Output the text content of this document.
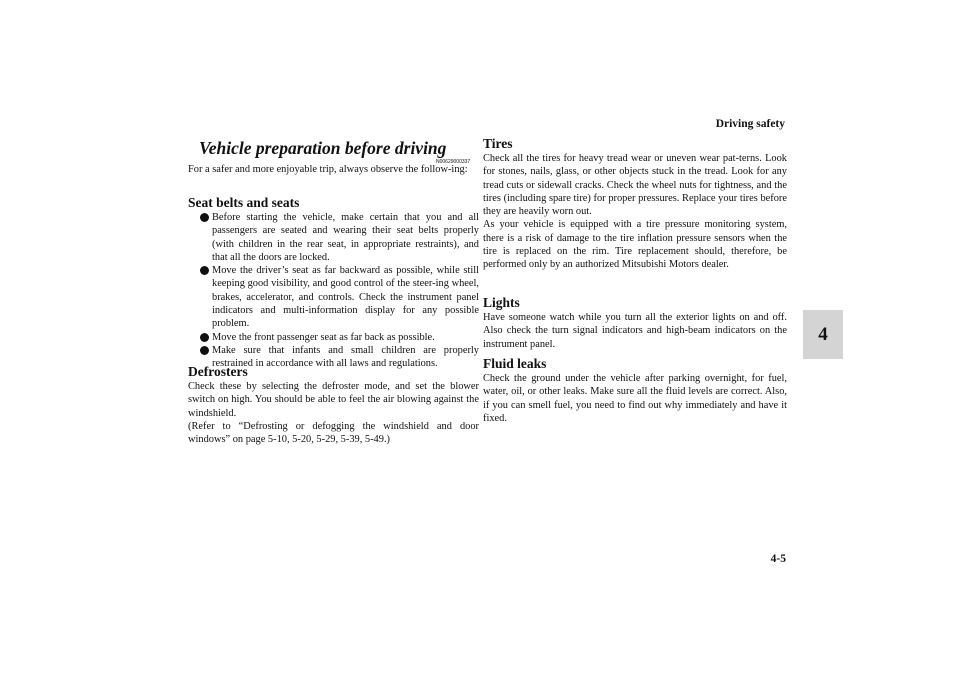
Driving safety
4
4-5
Vehicle preparation before driving
N00629000337
For a safer and more enjoyable trip, always observe the follow-ing:
Seat belts and seats
Before starting the vehicle, make certain that you and all passengers are seated and wearing their seat belts properly (with children in the rear seat, in appropriate restraints), and that all the doors are locked.
Move the driver’s seat as far backward as possible, while still keeping good visibility, and good control of the steer-ing wheel, brakes, accelerator, and controls. Check the instrument panel indicators and multi-information display for any possible problem.
Move the front passenger seat as far back as possible.
Make sure that infants and small children are properly restrained in accordance with all laws and regulations.
Defrosters
Check these by selecting the defroster mode, and set the blower switch on high. You should be able to feel the air blowing against the windshield.
(Refer to “Defrosting or defogging the windshield and door windows” on page 5-10, 5-20, 5-29, 5-39, 5-49.)
Tires
Check all the tires for heavy tread wear or uneven wear pat-terns. Look for stones, nails, glass, or other objects stuck in the tread. Look for any tread cuts or sidewall cracks. Check the wheel nuts for tightness, and the tires (including spare tire) for proper pressures. Replace your tires before they are heavily worn out.
As your vehicle is equipped with a tire pressure monitoring system, there is a risk of damage to the tire inflation pressure sensors when the tire is replaced on the rim. Tire replacement should, therefore, be performed only by an authorized Mitsubishi Motors dealer.
Lights
Have someone watch while you turn all the exterior lights on and off. Also check the turn signal indicators and high-beam indicators on the instrument panel.
Fluid leaks
Check the ground under the vehicle after parking overnight, for fuel, water, oil, or other leaks. Make sure all the fluid levels are correct. Also, if you can smell fuel, you need to find out why immediately and have it fixed.
